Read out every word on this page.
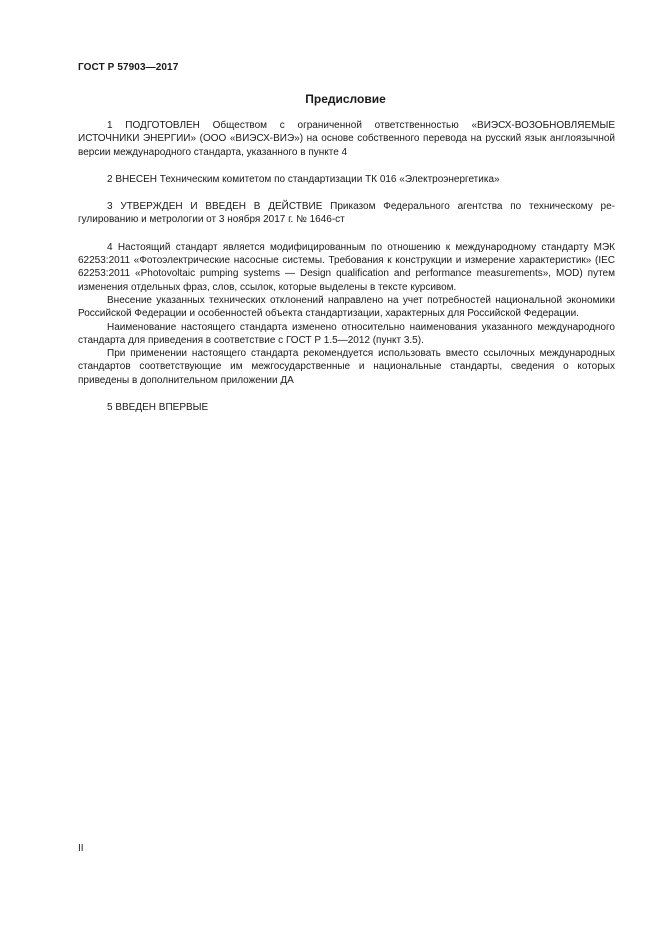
ГОСТ Р 57903—2017
Предисловие

1 ПОДГОТОВЛЕН Обществом с ограниченной ответственностью «ВИЭСХ-ВОЗОБНОВЛЯЕМЫЕ ИСТОЧНИКИ ЭНЕРГИИ» (ООО «ВИЭСХ-ВИЭ») на основе собственного перевода на русский язык англоязычной версии международного стандарта, указанного в пункте 4

2 ВНЕСЕН Техническим комитетом по стандартизации ТК 016 «Электроэнергетика»

3 УТВЕРЖДЕН И ВВЕДЕН В ДЕЙСТВИЕ Приказом Федерального агентства по техническому регулированию и метрологии от 3 ноября 2017 г. № 1646-ст

4 Настоящий стандарт является модифицированным по отношению к международному стандарту МЭК 62253:2011 «Фотоэлектрические насосные системы. Требования к конструкции и измерение характеристик» (IEC 62253:2011 «Photovoltaic pumping systems — Design qualification and performance measurements», MOD) путем изменения отдельных фраз, слов, ссылок, которые выделены в тексте курсивом.

Внесение указанных технических отклонений направлено на учет потребностей национальной экономики Российской Федерации и особенностей объекта стандартизации, характерных для Российской Федерации.

Наименование настоящего стандарта изменено относительно наименования указанного международного стандарта для приведения в соответствие с ГОСТ Р 1.5—2012 (пункт 3.5).

При применении настоящего стандарта рекомендуется использовать вместо ссылочных международных стандартов соответствующие им межгосударственные и национальные стандарты, сведения о которых приведены в дополнительном приложении ДА

5 ВВЕДЕН ВПЕРВЫЕ

II
